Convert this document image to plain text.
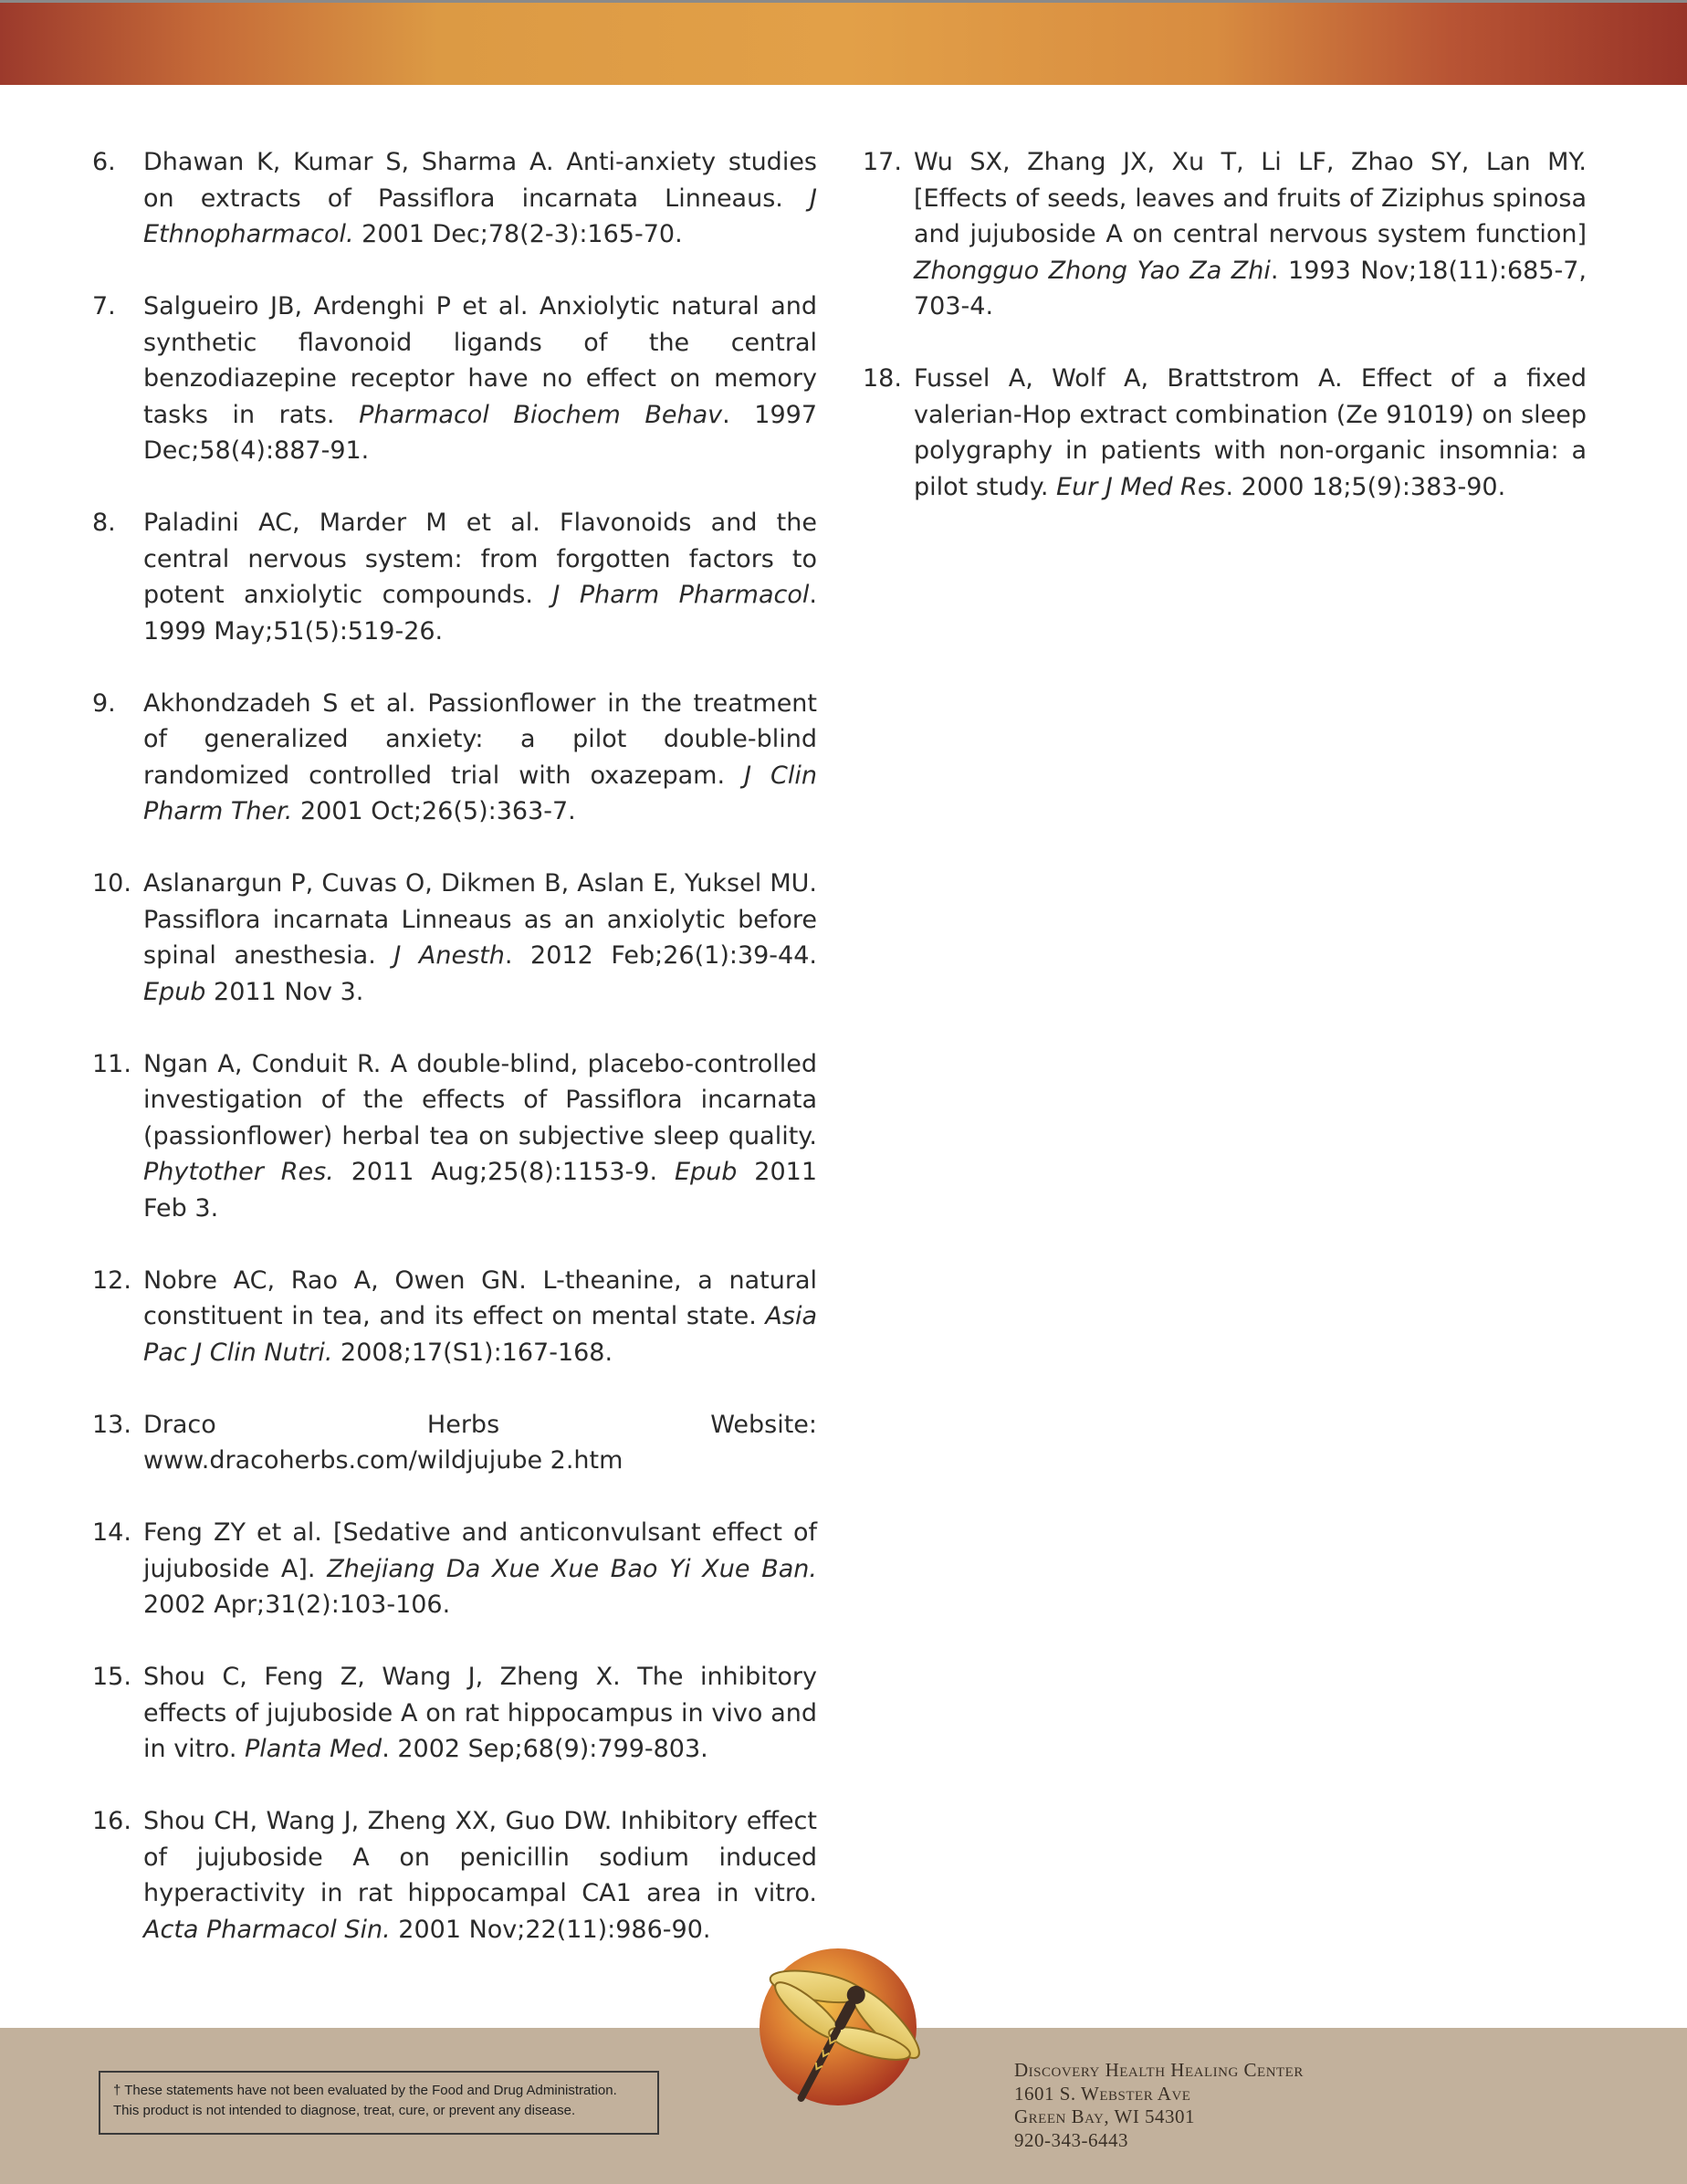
6. Dhawan K, Kumar S, Sharma A. Anti-anxiety studies on extracts of Passiflora incarnata Linneaus. J Ethnopharmacol. 2001 Dec;78(2-3):165-70.
7. Salgueiro JB, Ardenghi P et al. Anxiolytic natural and synthetic flavonoid ligands of the central benzodiazepine receptor have no effect on memory tasks in rats. Pharmacol Biochem Behav. 1997 Dec;58(4):887-91.
8. Paladini AC, Marder M et al. Flavonoids and the central nervous system: from forgotten factors to potent anxiolytic compounds. J Pharm Pharmacol. 1999 May;51(5):519-26.
9. Akhondzadeh S et al. Passionflower in the treatment of generalized anxiety: a pilot double-blind randomized controlled trial with oxazepam. J Clin Pharm Ther. 2001 Oct;26(5):363-7.
10. Aslanargun P, Cuvas O, Dikmen B, Aslan E, Yuksel MU. Passiflora incarnata Linneaus as an anxiolytic before spinal anesthesia. J Anesth. 2012 Feb;26(1):39-44. Epub 2011 Nov 3.
11. Ngan A, Conduit R. A double-blind, placebo-controlled investigation of the effects of Passiflora incarnata (passionflower) herbal tea on subjective sleep quality. Phytother Res. 2011 Aug;25(8):1153-9. Epub 2011 Feb 3.
12. Nobre AC, Rao A, Owen GN. L-theanine, a natural constituent in tea, and its effect on mental state. Asia Pac J Clin Nutri. 2008;17(S1):167-168.
13. Draco Herbs Website: www.dracoherbs.com/wildjujube 2.htm
14. Feng ZY et al. [Sedative and anticonvulsant effect of jujuboside A]. Zhejiang Da Xue Xue Bao Yi Xue Ban. 2002 Apr;31(2):103-106.
15. Shou C, Feng Z, Wang J, Zheng X. The inhibitory effects of jujuboside A on rat hippocampus in vivo and in vitro. Planta Med. 2002 Sep;68(9):799-803.
16. Shou CH, Wang J, Zheng XX, Guo DW. Inhibitory effect of jujuboside A on penicillin sodium induced hyperactivity in rat hippocampal CA1 area in vitro. Acta Pharmacol Sin. 2001 Nov;22(11):986-90.
17. Wu SX, Zhang JX, Xu T, Li LF, Zhao SY, Lan MY. [Effects of seeds, leaves and fruits of Ziziphus spinosa and jujuboside A on central nervous system function] Zhongguo Zhong Yao Za Zhi. 1993 Nov;18(11):685-7, 703-4.
18. Fussel A, Wolf A, Brattstrom A. Effect of a fixed valerian-Hop extract combination (Ze 91019) on sleep polygraphy in patients with non-organic insomnia: a pilot study. Eur J Med Res. 2000 18;5(9):383-90.
† These statements have not been evaluated by the Food and Drug Administration.
This product is not intended to diagnose, treat, cure, or prevent any disease.
Discovery Health Healing Center
1601 S. Webster Ave
Green Bay, WI 54301
920-343-6443
